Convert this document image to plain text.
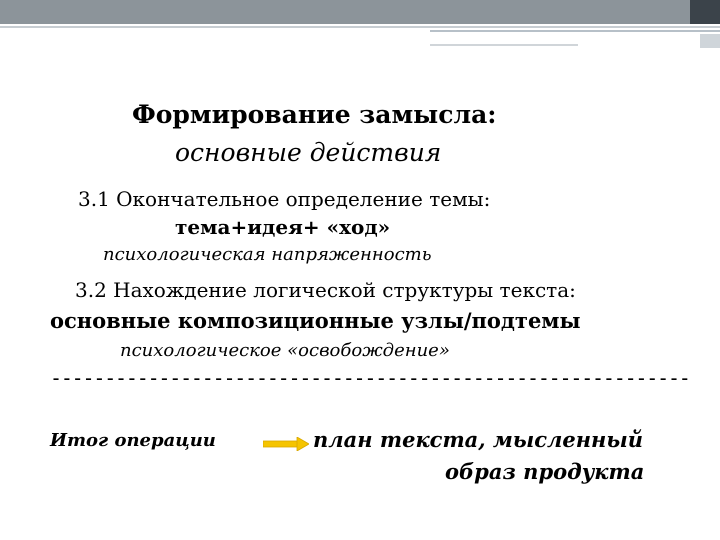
Формирование замысла:
основные действия
3.1 Окончательное определение темы:
тема+идея+ «ход»
психологическая напряженность
3.2 Нахождение логической структуры текста:
основные композиционные узлы/подтемы
психологическое «освобождение»
-----------------------------------------------------------
Итог операции	план текста, мысленный
образ продукта
